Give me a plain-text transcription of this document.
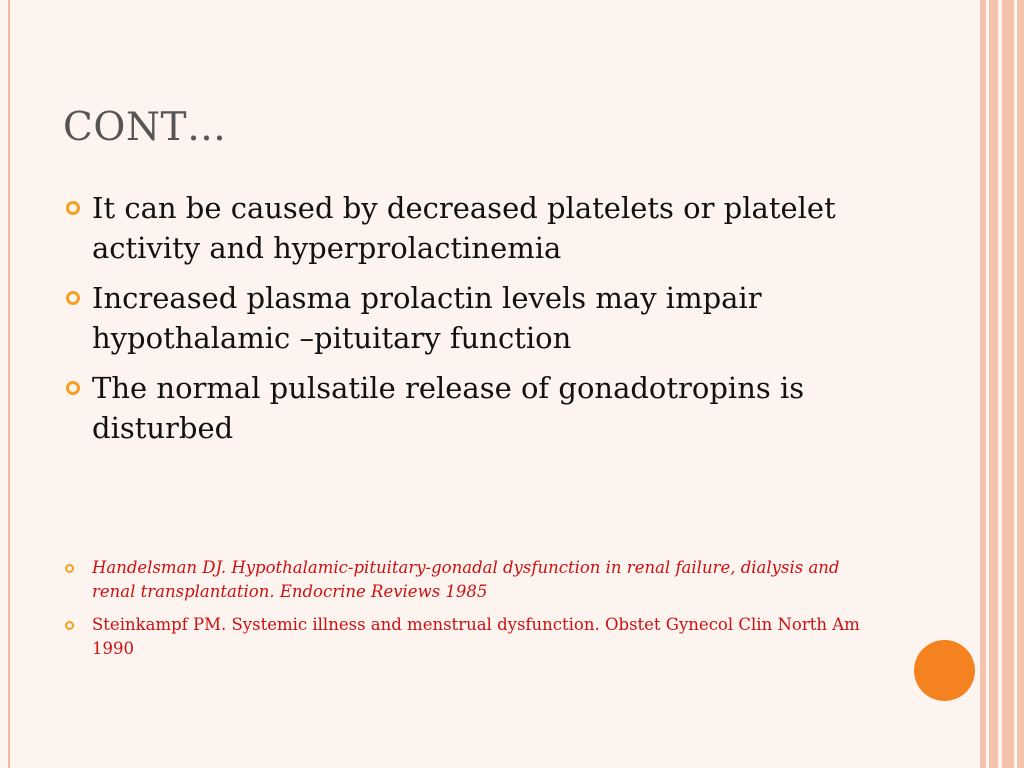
CONT…
It can be caused by decreased platelets or platelet activity and hyperprolactinemia
Increased plasma prolactin levels may impair hypothalamic –pituitary function
The normal pulsatile release of gonadotropins is disturbed
Handelsman DJ. Hypothalamic-pituitary-gonadal dysfunction in renal failure, dialysis and renal transplantation. Endocrine Reviews 1985
Steinkampf PM. Systemic illness and menstrual dysfunction. Obstet Gynecol Clin North Am 1990
